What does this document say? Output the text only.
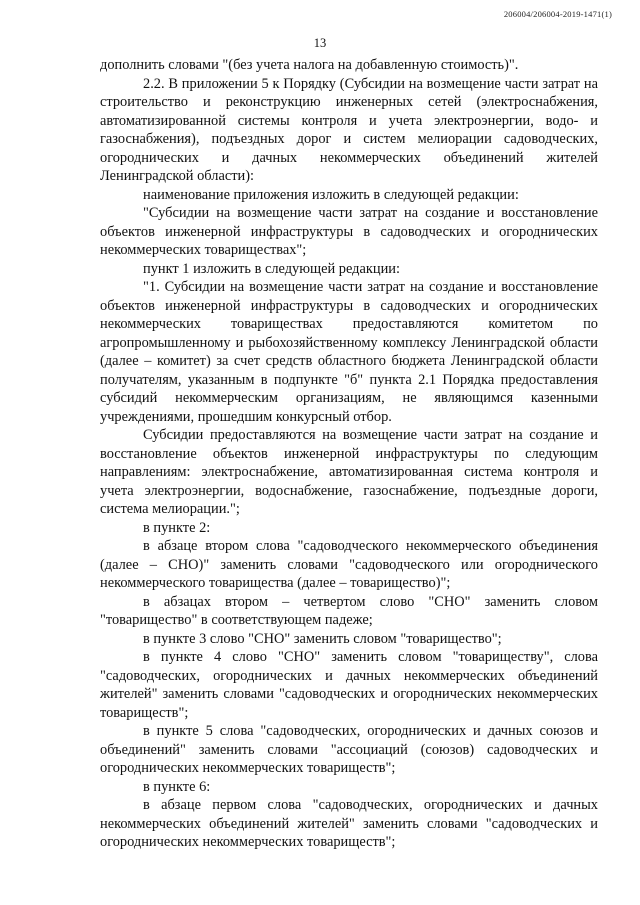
206004/206004-2019-1471(1)
13

дополнить словами "(без учета налога на добавленную стоимость)".

2.2. В приложении 5 к Порядку (Субсидии на возмещение части затрат на строительство и реконструкцию инженерных сетей (электроснабжения, автоматизированной системы контроля и учета электроэнергии, водо- и газоснабжения), подъездных дорог и систем мелиорации садоводческих, огороднических и дачных некоммерческих объединений жителей Ленинградской области):

наименование приложения изложить в следующей редакции:

"Субсидии на возмещение части затрат на создание и восстановление объектов инженерной инфраструктуры в садоводческих и огороднических некоммерческих товариществах";

пункт 1 изложить в следующей редакции:

"1. Субсидии на возмещение части затрат на создание и восстановление объектов инженерной инфраструктуры в садоводческих и огороднических некоммерческих товариществах предоставляются комитетом по агропромышленному и рыбохозяйственному комплексу Ленинградской области (далее – комитет) за счет средств областного бюджета Ленинградской области получателям, указанным в подпункте "б" пункта 2.1 Порядка предоставления субсидий некоммерческим организациям, не являющимся казенными учреждениями, прошедшим конкурсный отбор.

Субсидии предоставляются на возмещение части затрат на создание и восстановление объектов инженерной инфраструктуры по следующим направлениям: электроснабжение, автоматизированная система контроля и учета электроэнергии, водоснабжение, газоснабжение, подъездные дороги, система мелиорации.";

в пункте 2:

в абзаце втором слова "садоводческого некоммерческого объединения (далее – СНО)" заменить словами "садоводческого или огороднического некоммерческого товарищества (далее – товарищество)";

в абзацах втором – четвертом слово "СНО" заменить словом "товарищество" в соответствующем падеже;

в пункте 3 слово "СНО" заменить словом "товарищество";

в пункте 4 слово "СНО" заменить словом "товариществу", слова "садоводческих, огороднических и дачных некоммерческих объединений жителей" заменить словами "садоводческих и огороднических некоммерческих товариществ";

в пункте 5 слова "садоводческих, огороднических и дачных союзов и объединений" заменить словами "ассоциаций (союзов) садоводческих и огороднических некоммерческих товариществ";

в пункте 6:

в абзаце первом слова "садоводческих, огороднических и дачных некоммерческих объединений жителей" заменить словами "садоводческих и огороднических некоммерческих товариществ";
